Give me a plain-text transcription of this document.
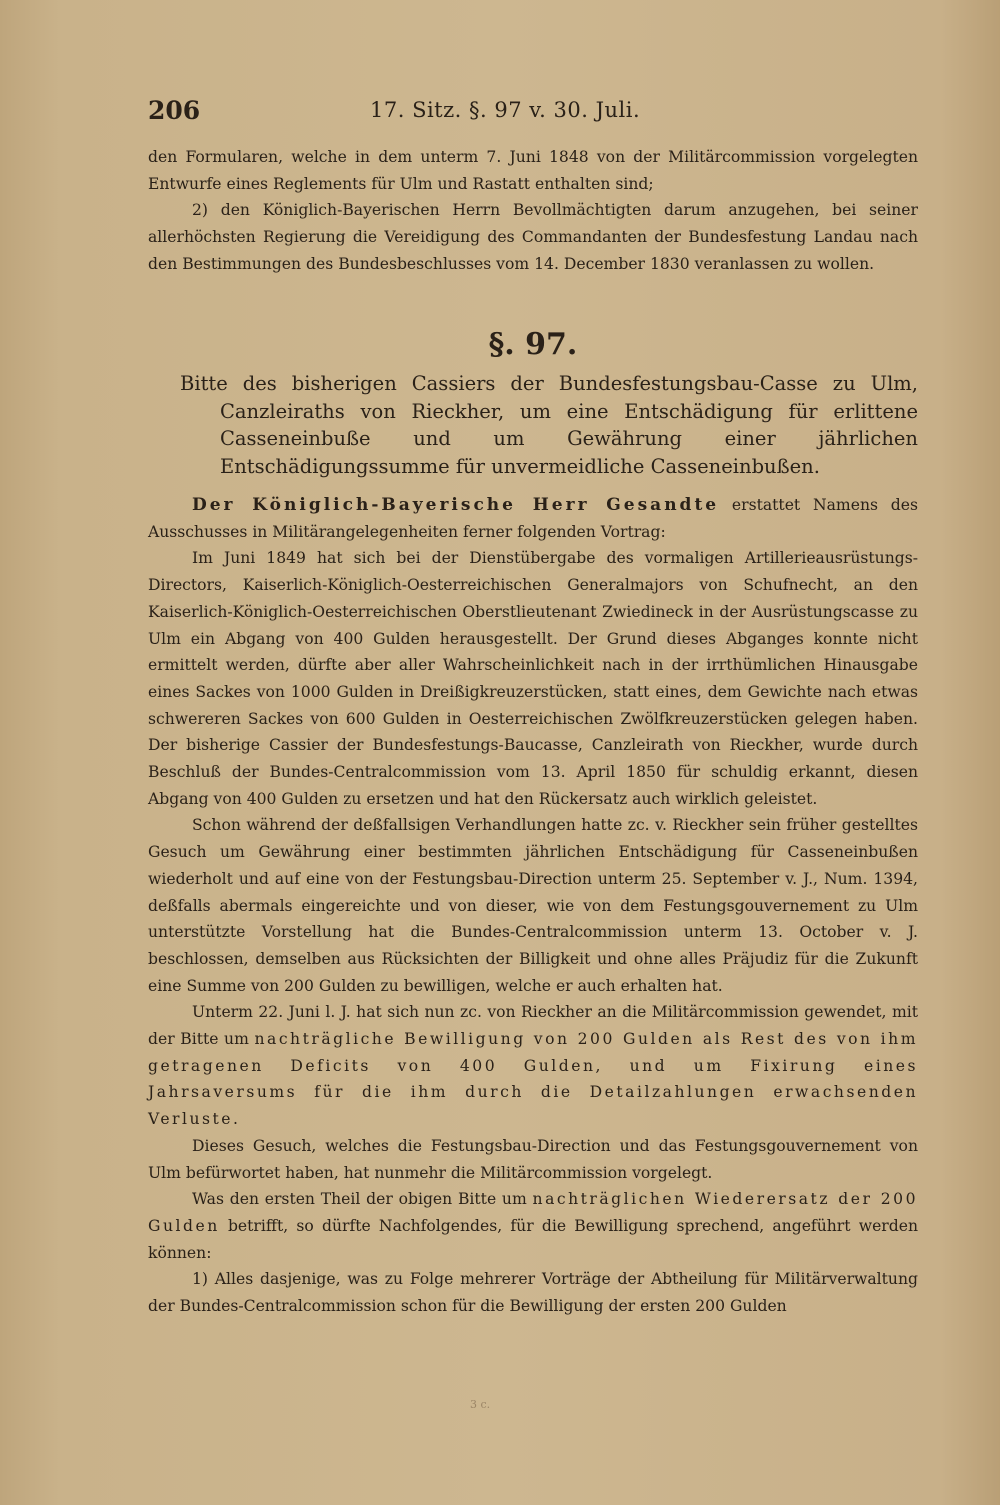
206	17. Sitz. §. 97 v. 30. Juli.

den Formularen, welche in dem unterm 7. Juni 1848 von der Militärcommission vorgelegten Entwurfe eines Reglements für Ulm und Rastatt enthalten sind;

2) den Königlich-Bayerischen Herrn Bevollmächtigten darum anzugehen, bei seiner allerhöchsten Regierung die Vereidigung des Commandanten der Bundesfestung Landau nach den Bestimmungen des Bundesbeschlusses vom 14. December 1830 veranlassen zu wollen.

§. 97.
Bitte des bisherigen Cassiers der Bundesfestungsbau-Casse zu Ulm, Canzleiraths von Rieckher, um eine Entschädigung für erlittene Casseneinbuße und um Gewährung einer jährlichen Entschädigungssumme für unvermeidliche Casseneinbußen.

Der Königlich-Bayerische Herr Gesandte erstattet Namens des Ausschusses in Militärangelegenheiten ferner folgenden Vortrag:

Im Juni 1849 hat sich bei der Dienstübergabe des vormaligen Artillerieausrüstungs-Directors, Kaiserlich-Königlich-Oesterreichischen Generalmajors von Schufnecht, an den Kaiserlich-Königlich-Oesterreichischen Oberstlieutenant Zwiedineck in der Ausrüstungscasse zu Ulm ein Abgang von 400 Gulden herausgestellt. Der Grund dieses Abganges konnte nicht ermittelt werden, dürfte aber aller Wahrscheinlichkeit nach in der irrthümlichen Hinausgabe eines Sackes von 1000 Gulden in Dreißigkreuzerstücken, statt eines, dem Gewichte nach etwas schwereren Sackes von 600 Gulden in Oesterreichischen Zwölfkreuzerstücken gelegen haben. Der bisherige Cassier der Bundesfestungs-Baucasse, Canzleirath von Rieckher, wurde durch Beschluß der Bundes-Centralcommission vom 13. April 1850 für schuldig erkannt, diesen Abgang von 400 Gulden zu ersetzen und hat den Rückersatz auch wirklich geleistet.

Schon während der deßfallsigen Verhandlungen hatte zc. v. Rieckher sein früher gestelltes Gesuch um Gewährung einer bestimmten jährlichen Entschädigung für Casseneinbußen wiederholt und auf eine von der Festungsbau-Direction unterm 25. September v. J., Num. 1394, deßfalls abermals eingereichte und von dieser, wie von dem Festungsgouvernement zu Ulm unterstützte Vorstellung hat die Bundes-Centralcommission unterm 13. October v. J. beschlossen, demselben aus Rücksichten der Billigkeit und ohne alles Präjudiz für die Zukunft eine Summe von 200 Gulden zu bewilligen, welche er auch erhalten hat.

Unterm 22. Juni l. J. hat sich nun zc. von Rieckher an die Militärcommission gewendet, mit der Bitte um nachträgliche Bewilligung von 200 Gulden als Rest des von ihm getragenen Deficits von 400 Gulden, und um Fixirung eines Jahrsaversums für die ihm durch die Detailzahlungen erwachsenden Verluste.

Dieses Gesuch, welches die Festungsbau-Direction und das Festungsgouvernement von Ulm befürwortet haben, hat nunmehr die Militärcommission vorgelegt.

Was den ersten Theil der obigen Bitte um nachträglichen Wiederersatz der 200 Gulden betrifft, so dürfte Nachfolgendes, für die Bewilligung sprechend, angeführt werden können:

1) Alles dasjenige, was zu Folge mehrerer Vorträge der Abtheilung für Militärverwaltung der Bundes-Centralcommission schon für die Bewilligung der ersten 200 Gulden

3 c.
